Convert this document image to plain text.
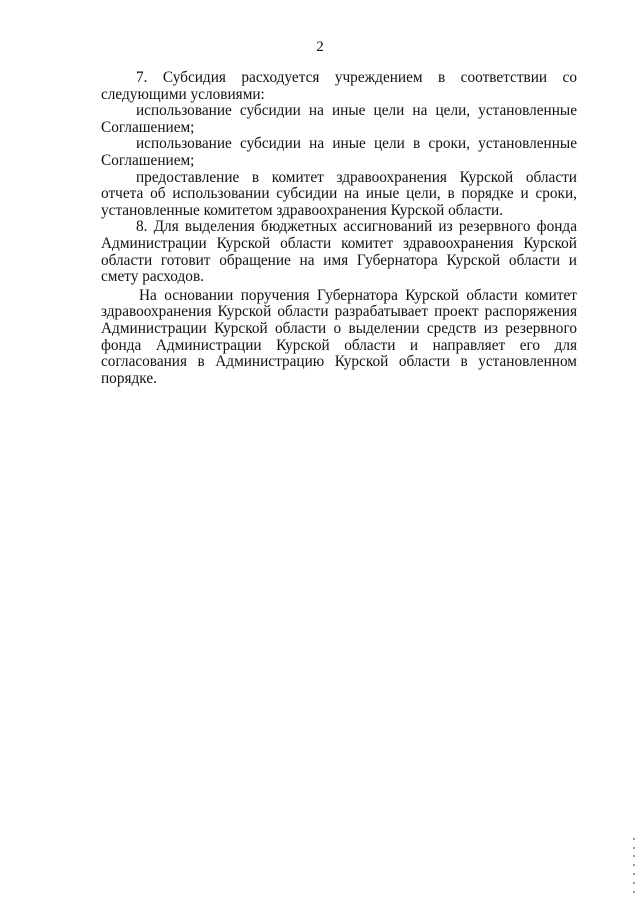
2

7. Субсидия расходуется учреждением в соответствии со следующими условиями:

использование субсидии на иные цели на цели, установленные Соглашением;

использование субсидии на иные цели в сроки, установленные Соглашением;

предоставление в комитет здравоохранения Курской области отчета об использовании субсидии на иные цели, в порядке и сроки, установленные комитетом здравоохранения Курской области.

8. Для выделения бюджетных ассигнований из резервного фонда Администрации Курской области комитет здравоохранения Курской области готовит обращение на имя Губернатора Курской области и смету расходов.

На основании поручения Губернатора Курской области комитет здравоохранения Курской области разрабатывает проект распоряжения Администрации Курской области о выделении средств из резервного фонда Администрации Курской области и направляет его для согласования в Администрацию Курской области в установленном порядке.
